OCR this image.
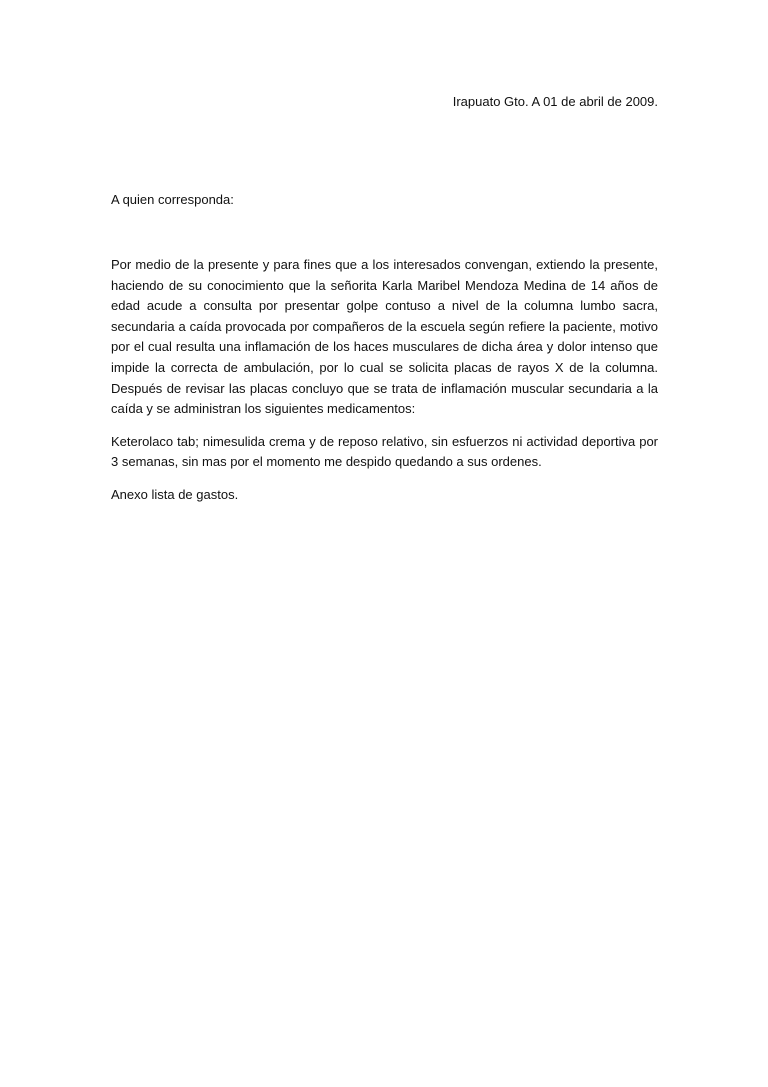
Irapuato Gto. A 01 de abril de 2009.
A quien corresponda:

Por medio de la presente y para fines que a los interesados convengan, extiendo la presente, haciendo de su conocimiento que la señorita Karla Maribel Mendoza Medina de 14 años de edad acude a consulta por presentar golpe contuso a nivel de la columna lumbo sacra, secundaria a caída provocada por compañeros de la escuela según refiere la paciente, motivo por el cual resulta una inflamación de los haces musculares de dicha área y dolor intenso que impide la correcta de ambulación, por lo cual se solicita placas de rayos X de la columna. Después de revisar las placas concluyo que se trata de inflamación muscular secundaria a la caída y se administran los siguientes medicamentos:

Keterolaco tab; nimesulida crema y de reposo relativo, sin esfuerzos ni actividad deportiva por 3 semanas, sin mas por el momento me despido quedando a sus ordenes.

Anexo lista de gastos.
